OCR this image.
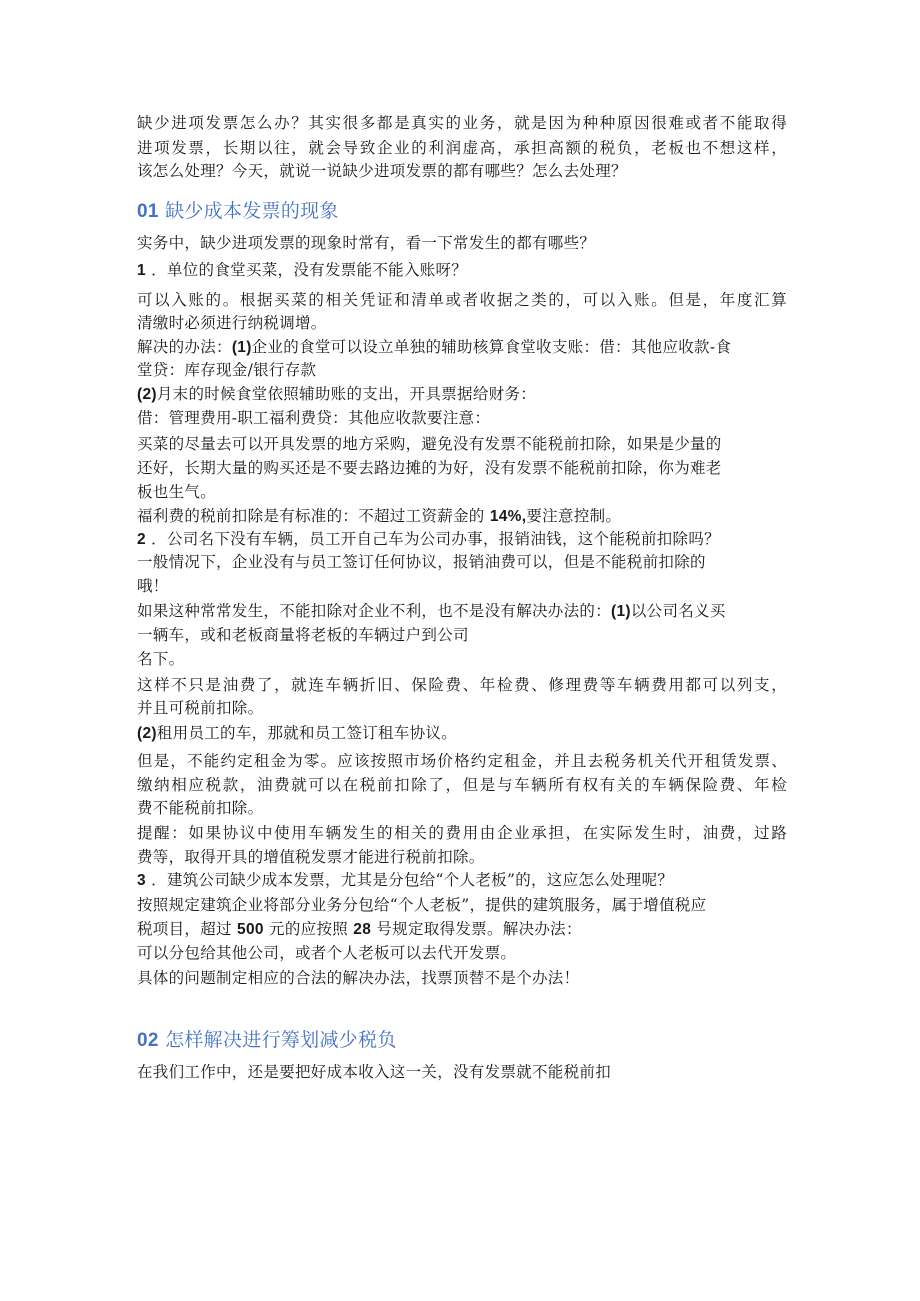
缺少进项发票怎么办？其实很多都是真实的业务，就是因为种种原因很难或者不能取得
进项发票，长期以往，就会导致企业的利润虚高，承担高额的税负，老板也不想这样，
该怎么处理？今天，就说一说缺少进项发票的都有哪些？怎么去处理？
01 缺少成本发票的现象
实务中，缺少进项发票的现象时常有，看一下常发生的都有哪些？
1 ．单位的食堂买菜，没有发票能不能入账呀？
可以入账的。根据买菜的相关凭证和清单或者收据之类的，可以入账。但是，年度汇算
清缴时必须进行纳税调增。
解决的办法：(1)企业的食堂可以设立单独的辅助核算食堂收支账：借：其他应收款-食
堂贷：库存现金/银行存款
(2)月末的时候食堂依照辅助账的支出，开具票据给财务：
借：管理费用-职工福利费贷：其他应收款要注意：
买菜的尽量去可以开具发票的地方采购，避免没有发票不能税前扣除，如果是少量的
还好，长期大量的购买还是不要去路边摊的为好，没有发票不能税前扣除，你为难老
板也生气。
福利费的税前扣除是有标准的：不超过工资薪金的 14%,要注意控制。
2 ．公司名下没有车辆，员工开自己车为公司办事，报销油钱，这个能税前扣除吗？
一般情况下，企业没有与员工签订任何协议，报销油费可以，但是不能税前扣除的
哦！
如果这种常常发生，不能扣除对企业不利，也不是没有解决办法的：(1)以公司名义买
一辆车，或和老板商量将老板的车辆过户到公司
名下。
这样不只是油费了，就连车辆折旧、保险费、年检费、修理费等车辆费用都可以列支，
并且可税前扣除。
(2)租用员工的车，那就和员工签订租车协议。
但是，不能约定租金为零。应该按照市场价格约定租金，并且去税务机关代开租赁发票、
缴纳相应税款，油费就可以在税前扣除了，但是与车辆所有权有关的车辆保险费、年检
费不能税前扣除。
提醒：如果协议中使用车辆发生的相关的费用由企业承担，在实际发生时，油费，过路
费等，取得开具的增值税发票才能进行税前扣除。
3 ．建筑公司缺少成本发票，尤其是分包给“个人老板”的，这应怎么处理呢？
按照规定建筑企业将部分业务分包给“个人老板”，提供的建筑服务，属于增值税应
税项目，超过 500 元的应按照 28 号规定取得发票。解决办法：
可以分包给其他公司，或者个人老板可以去代开发票。
具体的问题制定相应的合法的解决办法，找票顶替不是个办法！
02 怎样解决进行筹划减少税负
在我们工作中，还是要把好成本收入这一关，没有发票就不能税前扣
